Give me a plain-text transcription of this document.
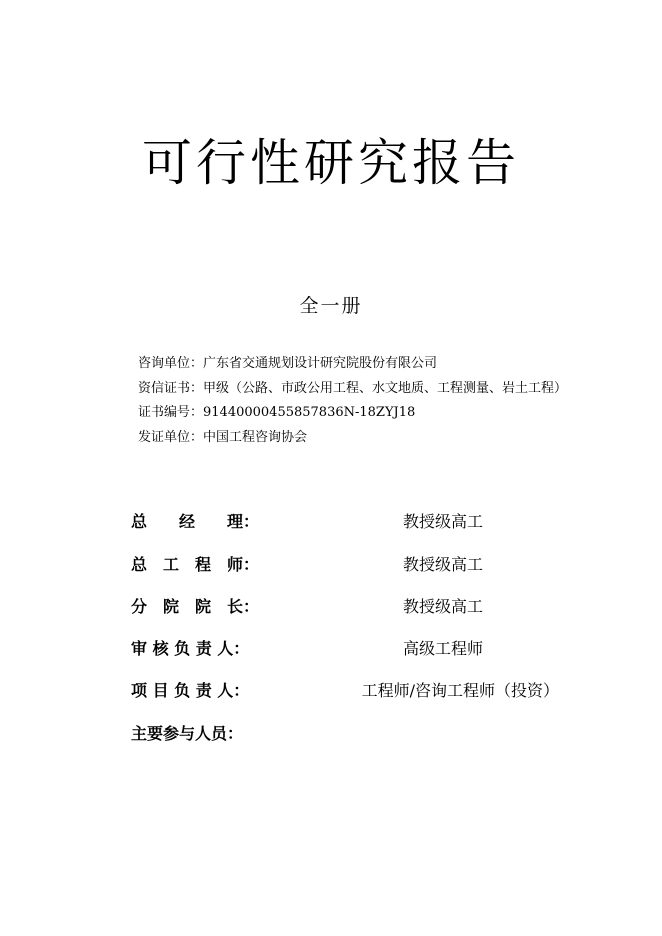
可行性研究报告
全一册
咨询单位：广东省交通规划设计研究院股份有限公司
资信证书：甲级（公路、市政公用工程、水文地质、工程测量、岩土工程）
证书编号：91440000455857836N-18ZYJ18
发证单位：中国工程咨询协会
总　　经　　理：	教授级高工
总　工　程　师：	教授级高工
分　院　院　长：	教授级高工
审 核 负 责 人：	高级工程师
项 目 负 责 人：	工程师/咨询工程师（投资）
主要参与人员：
